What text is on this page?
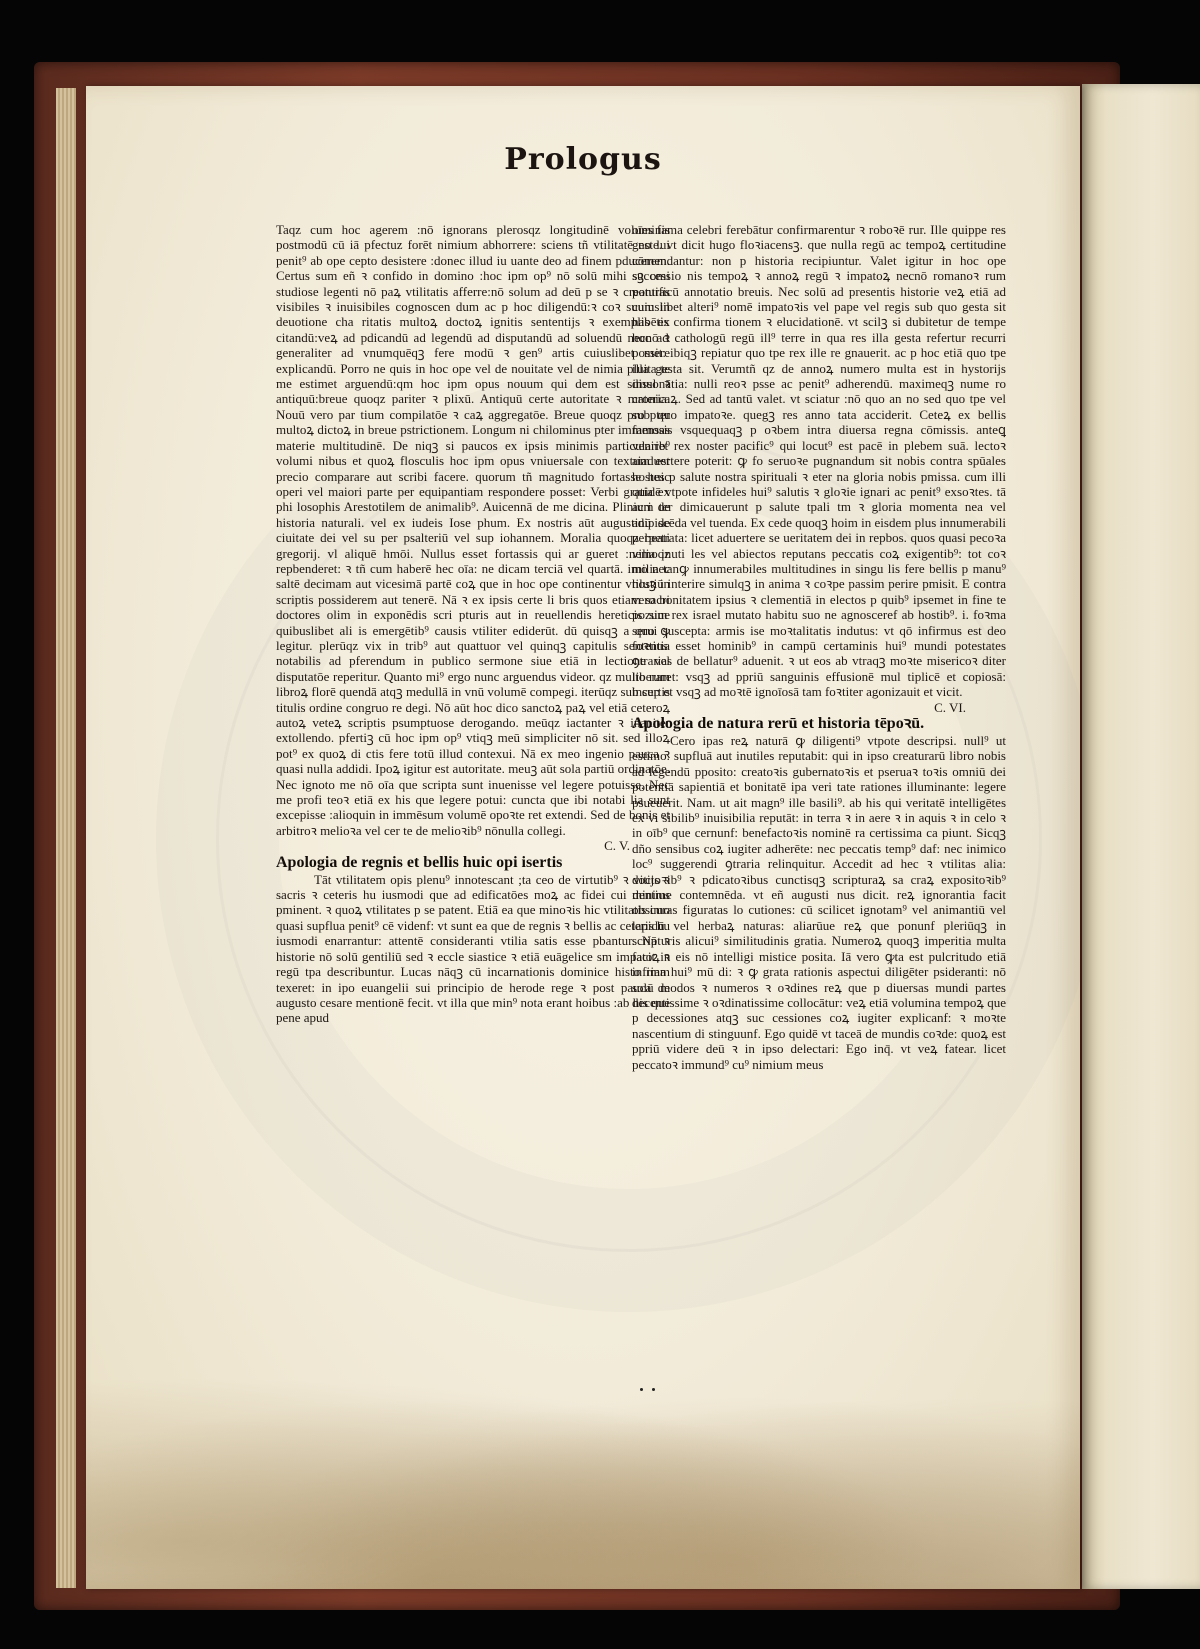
Prologus

Taqz cum hoc agerem :nō ignorans plerosqz longitudinē voluminis postmodū cū iā pfectuz forēt nimium abhorrere: sciens tñ vtilitatē no lui penit⁹ ab ope cepto desistere :donec illud iu uante deo ad finem pducerem. Certus sum eñ ꝛ confido in domino :hoc ipm op⁹ nō solū mihi sꝫ omi studiose legenti nō paꝝ vtilitatis afferre:nō solum ad deū p se ꝛ creaturas visibiles ꝛ inuisibiles cognoscen dum ac p hoc diligendū:ꝛ coꝛ suum in deuotione cha ritatis multoꝝ doctoꝝ ignitis sententijs ꝛ exemplis ex citandū:veꝝ ad pdicandū ad legendū ad disputandū ad soluendū necnō ꝛ generaliter ad vnumquēqꝫ fere modū ꝛ gen⁹ artis cuiuslibet mere explicandū. Porro ne quis in hoc ope vel de nouitate vel de nimia pluita te me estimet arguendū:qm hoc ipm opus nouum qui dem est simul ꝛ antiquū:breue quoqz pariter ꝛ plixū. Antiquū certe autoritate ꝛ materia. Nouū vero par tium compilatōe ꝛ caꝝ aggregatōe. Breue quoqz pro pter multoꝝ dictoꝝ in breue pstrictionem. Longum ni chilominus pter immensas materie multitudinē. De niqꝫ si paucos ex ipsis minimis particularib⁹ volumi nibus et quoꝝ flosculis hoc ipm opus vniuersale con textum est precio comparare aut scribi facere. quorum tñ magnitudo fortasse huic operi vel maiori parte per equipantiam respondere posset: Verbi gratia ex phi losophis Arestotilem de animalib⁹. Auicennā de me dicina. Plinium de historia naturali. vel ex iudeis Iose phum. Ex nostris aūt augustinū de ciuitate dei vel su per psalteriū vel sup iohannem. Moralia quoqz beati gregorij. vl aliquē hmōi. Nullus esset fortassis qui ar gueret :nemoqz repbenderet: ꝛ tñ cum haberē hec oīa: ne dicam terciā vel quartā. imo nec saltē decimam aut vicesimā partē coꝝ que in hoc ope continentur vtiluꝫ in scriptis possiderem aut tenerē. Nā ꝛ ex ipsis certe li bris quos etiam sacri doctores olim in exponēdis scri pturis aut in reuellendis hereticis siue quibuslibet ali is emergētib⁹ causis vtiliter ediderūt. dū quisqꝫ a quo ꝙ legitur. plerūqz vix in trib⁹ aut quattuor vel quinqꝫ capitulis sententia notabilis ad pferendum in publico sermone siue etiā in lectione vel disputatōe reperitur. Quanto mi⁹ ergo nunc arguendus videor. qz multo rum libroꝝ florē quendā atqꝫ medullā in vnū volumē compegi. iterūqz sub certis titulis ordine congruo re degi. Nō aūt hoc dico sanctoꝝ paꝝ vel etiā ceteroꝝ autoꝝ veteꝝ scriptis psumptuose derogando. meūqz iactanter ꝛ inaniter extollendo. pfertiꝫ cū hoc ipm op⁹ vtiqꝫ meū simpliciter nō sit. sed illoꝝ pot⁹ ex quoꝝ di ctis fere totū illud contexui. Nā ex meo ingenio pauca ꝛ quasi nulla addidi. Ipoꝝ igitur est autoritate. meuꝫ aūt sola partiū ordinatōe. Nec ignoto me nō oīa que scripta sunt inuenisse vel legere potuisse. Nec me profi teoꝛ etiā ex his que legere potui: cuncta que ibi notabi lia sunt excepisse :alioquin in immēsum volumē opoꝛte ret extendi. Sed de bonis et arbitroꝛ melioꝛa vel cer te de melioꝛib⁹ nōnulla collegi.

C. V.

Apologia de regnis et bellis huic opi isertis

Tāt vtilitatem opis plenu⁹ innotescant ;ta ceo de virtutib⁹ ꝛ vitijs ꝛ sacris ꝛ ceteris hu iusmodi que ad edificatōes moꝝ ac fidei cui dentius pminent. ꝛ quoꝝ vtilitates p se patent. Etiā ea que minoꝛis hic vtilitatis imo quasi supflua penit⁹ cē videnf: vt sunt ea que de regnis ꝛ bellis ac ceteris hu iusmodi enarrantur: attentē consideranti vtilia satis esse pbantur. Nā ꝛ historie nō solū gentiliū sed ꝛ eccle siastice ꝛ etiā euāgelice sm impatoꝝ ꝛ regū tpa describuntur. Lucas nāqꝫ cū incarnationis dominice histo riam texeret: in ipo euangelii sui principio de herode rege ꝛ post pauca de augusto cesare mentionē fecit. vt illa que min⁹ nota erant hoibus :ab his que pene apud

oīes fama celebri ferebātur confirmarentur ꝛ roboꝛē rur. Ille quippe res geste. vt dicit hugo floꝛiacensꝫ. que nulla regū ac tempoꝝ certitudine cōmendantur: non p historia recipiuntur. Valet igitur in hoc ope successio nis tempoꝝ ꝛ annoꝝ regū ꝛ impatoꝝ necnō romanoꝛ rum pontificū annotatio breuis. Nec solū ad presentis historie veꝝ etiā ad cuiuslibet alteri⁹ nomē impatoꝛis vel pape vel regis sub quo gesta sit habētis confirma tionem ꝛ elucidationē. vt scilꝫ si dubitetur de tempe hoc ad cathologū regū ill⁹ terre in qua res illa gesta refertur recurri possit: ibiqꝫ repiatur quo tpe rex ille re gnauerit. ac p hoc etiā quo tpe illa gesta sit. Verumtñ qz de annoꝝ numero multa est in hystorijs dissonātia: nulli reoꝛ psse ac penit⁹ adherendū. maximeqꝫ nume ro cronicaꝝ. Sed ad tantū valet. vt sciatur :nō quo an no sed quo tpe vel sub quo impatoꝛe. quegꝫ res anno tata acciderit. Ceteꝝ ex bellis famosis vsquequaqꝫ p oꝛbem intra diuersa regna cōmissis. anteꝗ veniret rex noster pacific⁹ qui locut⁹ est pacē in plebem suā. lectoꝛ aiaduertere poterit: ꝙ fo seruoꝛe pugnandum sit nobis contra spūales hostes p salute nostra spirituali ꝛ eter na gloria nobis pmissa. cum illi quidē vtpote infideles hui⁹ salutis ꝛ gloꝛie ignari ac penit⁹ exsoꝛtes. tā acri ter dimicauerunt p salute tpali tm ꝛ gloria momenta nea vel adipiscēda vel tuenda. Ex cede quoqꝫ hoim in eisdem plus innumerabili perpetrata: licet aduertere se ueritatem dei in repbos. quos quasi pecoꝛa vilia inuti les vel abiectos reputans peccatis coꝝ exigentib⁹: tot coꝛ milia tanꝙ innumerabiles multitudines in singu lis fere bellis p manu⁹ hostiū interire simulqꝫ in anima ꝛ coꝛpe passim perire pmisit. E contra vero bonitatem ipsius ꝛ clementiā in electos p quib⁹ ipsemet in fine te pozum rex israel mutato habitu suo ne agnosceref ab hostib⁹. i. foꝛma serui suscepta: armis ise moꝛtalitatis indutus: vt qō infirmus est deo foꝛtius esset hominib⁹ in campū certaminis hui⁹ mundi potestates ꝯtrarias de bellatur⁹ aduenit. ꝛ ut eos ab vtraqꝫ moꝛte misericoꝛ diter liberaret: vsqꝫ ad ppriū sanguinis effusionē mul tiplicē et copiosā: insup et vsqꝫ ad moꝛtē ignoīosā tam foꝛtiter agonizauit et vicit.

C. VI.

Apologia de natura rerū et historia tēpoꝛū.

Cero ipas reꝝ naturā ꝙ diligenti⁹ vtpote descripsi. null⁹ ut estimo. supfluā aut inutiles reputabit: qui in ipso creaturarū libro nobis ad legendū pposito: creatoꝛis gubernatoꝛis et pseruaꝛ toꝛis omniū dei potentiā sapientiā et bonitatē ipa veri tate rationes illuminante: legere psueuerit. Nam. ut ait magn⁹ ille basili⁹. ab his qui veritatē intelligētes ex vi sibilib⁹ inuisibilia reputāt: in terra ꝛ in aere ꝛ in aquis ꝛ in celo ꝛ in oīb⁹ que cernunf: benefactoꝛis nominē ra certissima ca piunt. Sicqꝫ dño sensibus coꝝ iugiter adherēte: nec peccatis temp⁹ daf: nec inimico loc⁹ suggerendi ꝯtraria relinquitur. Accedit ad hec ꝛ vtilitas alia: doctoꝛib⁹ ꝛ pdicatoꝛibus cunctisqꝫ scripturaꝝ sa craꝝ expositoꝛib⁹ minime contemnēda. vt eñ augusti nus dicit. reꝝ ignorantia facit obscuras figuratas lo cutiones: cū scilicet ignotam⁹ vel animantiū vel lapidū vel herbaꝝ naturas: aliarūue reꝝ que ponunf pleriūqꝫ in scripturis alicui⁹ similitudinis gratia. Numeroꝝ quoqꝫ imperitia multa facit in eis nō intelligi mistice posita. Iā vero ꝙta est pulcritudo etiā infima hui⁹ mū di: ꝛ ꝙ grata rationis aspectui diligēter psideranti: nō solū modos ꝛ numeros ꝛ oꝛdines reꝝ que p diuersas mundi partes decentissime ꝛ oꝛdinatissime collocātur: veꝝ etiā volumina tempoꝝ que p decessiones atqꝫ suc cessiones coꝝ iugiter explicanf: ꝛ moꝛte nascentium di stinguunf. Ego quidē vt taceā de mundis coꝛde: quoꝝ est ppriū videre deū ꝛ in ipso delectari: Ego inq̄. vt veꝝ fatear. licet peccatoꝛ immund⁹ cu⁹ nimium meus
